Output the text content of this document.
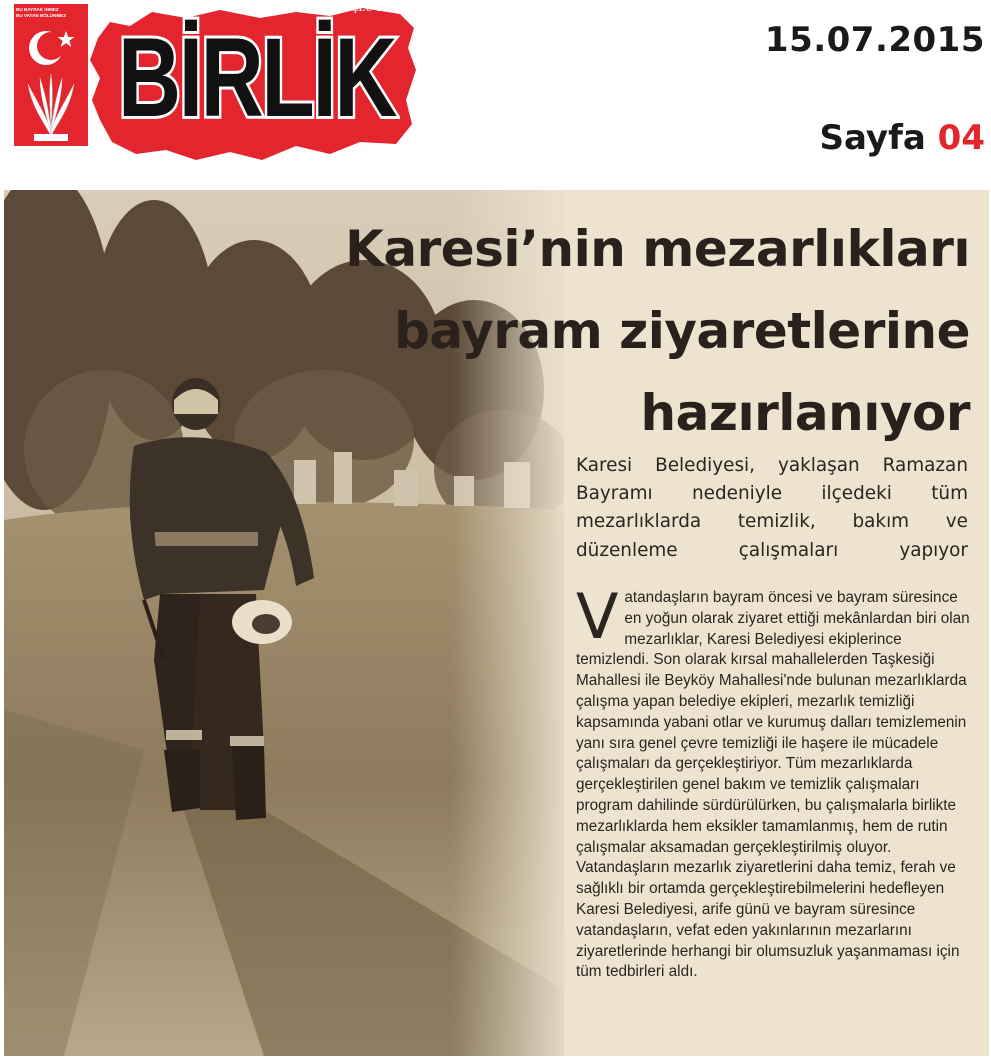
BU BAYRAK İNMEZ
BU VATAN BÖLÜNMEZ
BÖLGENİN EN GÜÇLÜ GAZETESİ
BİRLİK	15.07.2015
Sayfa 04
Karesi’nin mezarlıkları
bayram ziyaretlerine
hazırlanıyor
Karesi Belediyesi, yaklaşan Ramazan Bayramı nedeniyle ilçedeki tüm mezarlıklarda temizlik, bakım ve düzenleme çalışmaları yapıyor
Vatandaşların bayram öncesi ve bayram süresince en yoğun olarak ziyaret ettiği mekânlardan biri olan mezarlıklar, Karesi Belediyesi ekiplerince temizlendi. Son olarak kırsal mahallelerden Taşkesiği Mahallesi ile Beyköy Mahallesi'nde bulunan mezarlıklarda çalışma yapan belediye ekipleri, mezarlık temizliği kapsamında yabani otlar ve kurumuş dalları temizlemenin yanı sıra genel çevre temizliği ile haşere ile mücadele çalışmaları da gerçekleştiriyor. Tüm mezarlıklarda gerçekleştirilen genel bakım ve temizlik çalışmaları program dahilinde sürdürülürken, bu çalışmalarla birlikte mezarlıklarda hem eksikler tamamlanmış, hem de rutin çalışmalar aksamadan gerçekleştirilmiş oluyor. Vatandaşların mezarlık ziyaretlerini daha temiz, ferah ve sağlıklı bir ortamda gerçekleştirebilmelerini hedefleyen Karesi Belediyesi, arife günü ve bayram süresince vatandaşların, vefat eden yakınlarının mezarlarını ziyaretlerinde herhangi bir olumsuzluk yaşanmaması için tüm tedbirleri aldı.
